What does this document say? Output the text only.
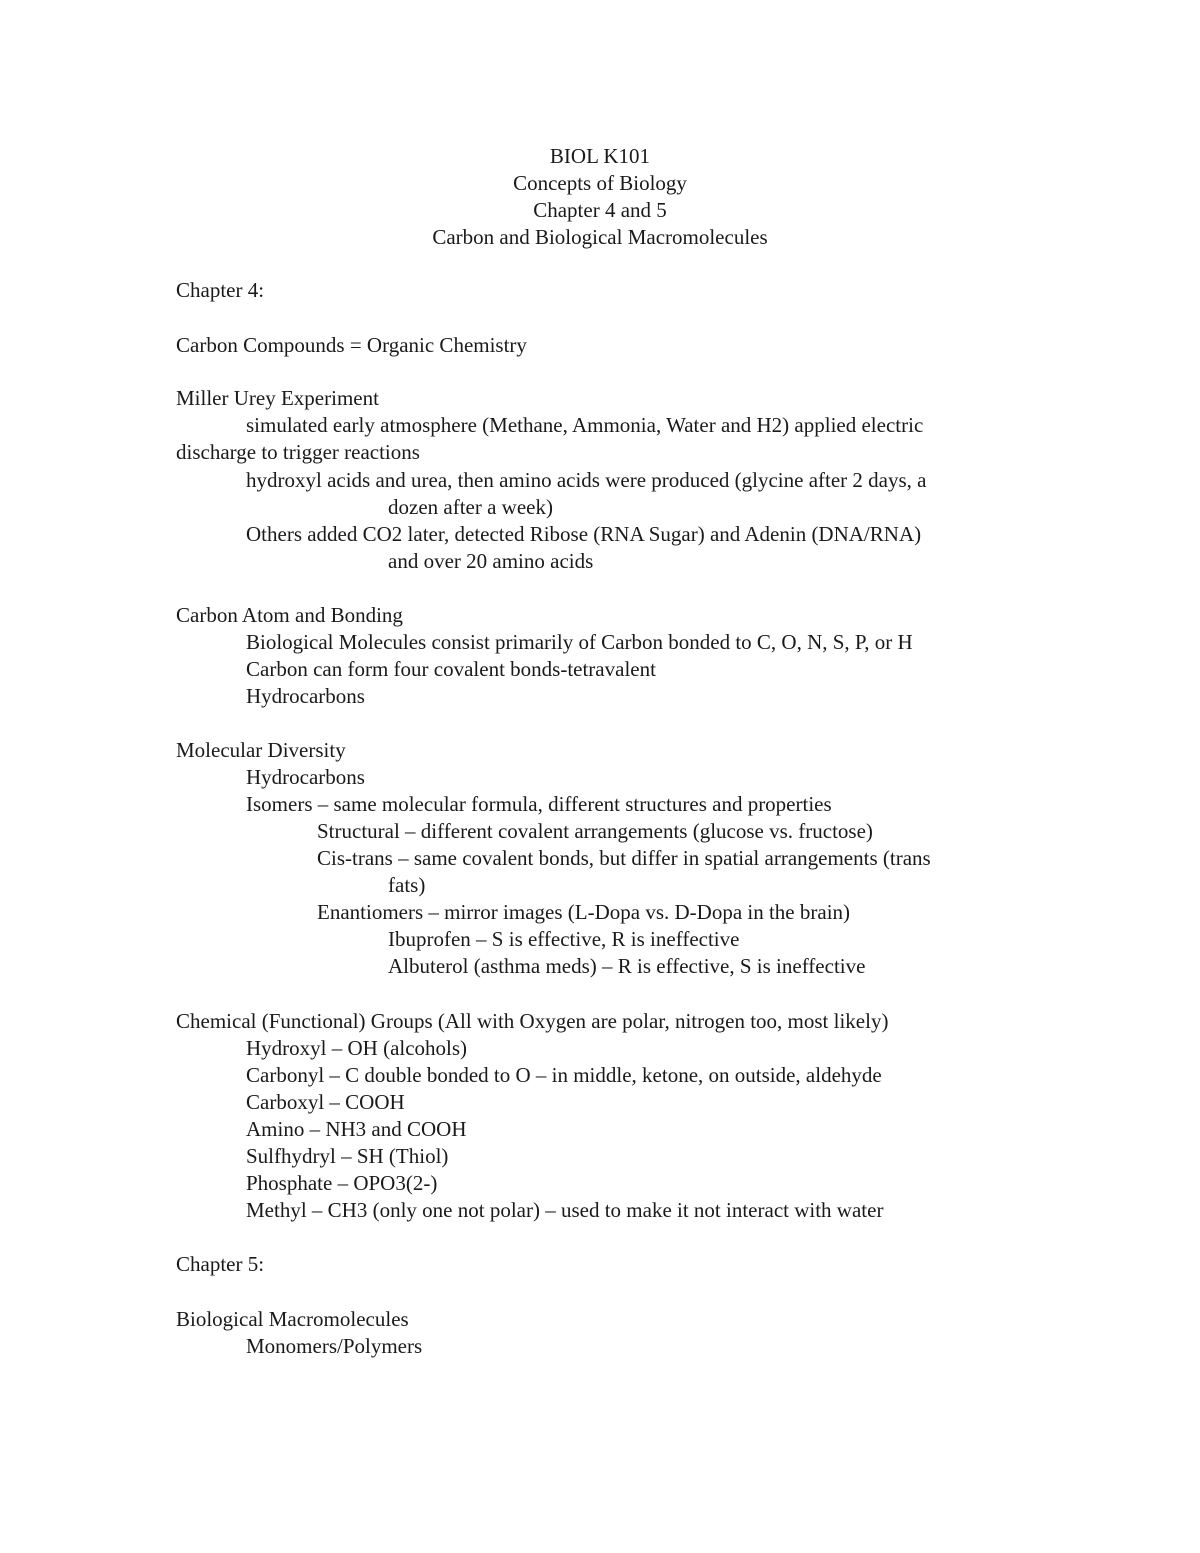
BIOL K101
Concepts of Biology
Chapter 4 and 5
Carbon and Biological Macromolecules
Chapter 4:
Carbon Compounds = Organic Chemistry
Miller Urey Experiment
simulated early atmosphere (Methane, Ammonia, Water and H2) applied electric
discharge to trigger reactions
hydroxyl acids and urea, then amino acids were produced (glycine after 2 days, a
dozen after a week)
Others added CO2 later, detected Ribose (RNA Sugar) and Adenin (DNA/RNA)
and over 20 amino acids
Carbon Atom and Bonding
Biological Molecules consist primarily of Carbon bonded to C, O, N, S, P, or H
Carbon can form four covalent bonds-tetravalent
Hydrocarbons
Molecular Diversity
Hydrocarbons
Isomers – same molecular formula, different structures and properties
Structural – different covalent arrangements (glucose vs. fructose)
Cis-trans – same covalent bonds, but differ in spatial arrangements (trans
fats)
Enantiomers – mirror images (L-Dopa vs. D-Dopa in the brain)
Ibuprofen – S is effective, R is ineffective
Albuterol (asthma meds) – R is effective, S is ineffective
Chemical (Functional) Groups (All with Oxygen are polar, nitrogen too, most likely)
Hydroxyl – OH (alcohols)
Carbonyl – C double bonded to O – in middle, ketone, on outside, aldehyde
Carboxyl – COOH
Amino – NH3 and COOH
Sulfhydryl – SH (Thiol)
Phosphate – OPO3(2-)
Methyl – CH3 (only one not polar) – used to make it not interact with water
Chapter 5:
Biological Macromolecules
Monomers/Polymers
